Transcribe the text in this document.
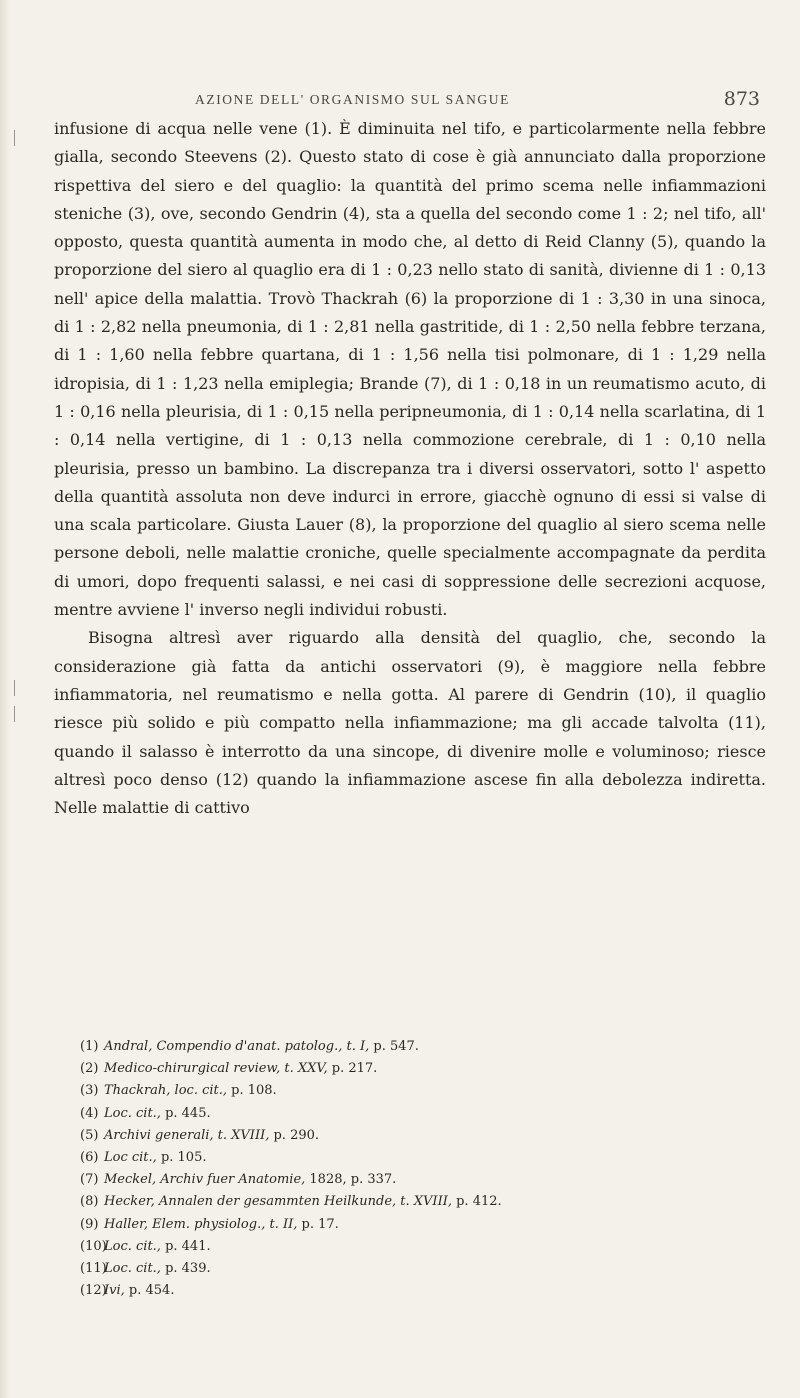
AZIONE DELL' ORGANISMO SUL SANGUE	873

infusione di acqua nelle vene (1). È diminuita nel tifo, e particolarmente nella febbre gialla, secondo Steevens (2). Questo stato di cose è già annunciato dalla proporzione rispettiva del siero e del quaglio: la quantità del primo scema nelle infiammazioni steniche (3), ove, secondo Gendrin (4), sta a quella del secondo come 1 : 2; nel tifo, all' opposto, questa quantità aumenta in modo che, al detto di Reid Clanny (5), quando la proporzione del siero al quaglio era di 1 : 0,23 nello stato di sanità, divienne di 1 : 0,13 nell' apice della malattia. Trovò Thackrah (6) la proporzione di 1 : 3,30 in una sinoca, di 1 : 2,82 nella pneumonia, di 1 : 2,81 nella gastritide, di 1 : 2,50 nella febbre terzana, di 1 : 1,60 nella febbre quartana, di 1 : 1,56 nella tisi polmonare, di 1 : 1,29 nella idropisia, di 1 : 1,23 nella emiplegia; Brande (7), di 1 : 0,18 in un reumatismo acuto, di 1 : 0,16 nella pleurisia, di 1 : 0,15 nella peripneumonia, di 1 : 0,14 nella scarlatina, di 1 : 0,14 nella vertigine, di 1 : 0,13 nella commozione cerebrale, di 1 : 0,10 nella pleurisia, presso un bambino. La discrepanza tra i diversi osservatori, sotto l' aspetto della quantità assoluta non deve indurci in errore, giacchè ognuno di essi si valse di una scala particolare. Giusta Lauer (8), la proporzione del quaglio al siero scema nelle persone deboli, nelle malattie croniche, quelle specialmente accompagnate da perdita di umori, dopo frequenti salassi, e nei casi di soppressione delle secrezioni acquose, mentre avviene l' inverso negli individui robusti.

Bisogna altresì aver riguardo alla densità del quaglio, che, secondo la considerazione già fatta da antichi osservatori (9), è maggiore nella febbre infiammatoria, nel reumatismo e nella gotta. Al parere di Gendrin (10), il quaglio riesce più solido e più compatto nella infiammazione; ma gli accade talvolta (11), quando il salasso è interrotto da una sincope, di divenire molle e voluminoso; riesce altresì poco denso (12) quando la infiammazione ascese fin alla debolezza indiretta. Nelle malattie di cattivo

(1) Andral, Compendio d'anat. patolog., t. I, p. 547.
(2) Medico-chirurgical review, t. XXV, p. 217.
(3) Thackrah, loc. cit., p. 108.
(4) Loc. cit., p. 445.
(5) Archivi generali, t. XVIII, p. 290.
(6) Loc cit., p. 105.
(7) Meckel, Archiv fuer Anatomie, 1828, p. 337.
(8) Hecker, Annalen der gesammten Heilkunde, t. XVIII, p. 412.
(9) Haller, Elem. physiolog., t. II, p. 17.
(10)Loc. cit., p. 441.
(11)Loc. cit., p. 439.
(12)Ivi, p. 454.
